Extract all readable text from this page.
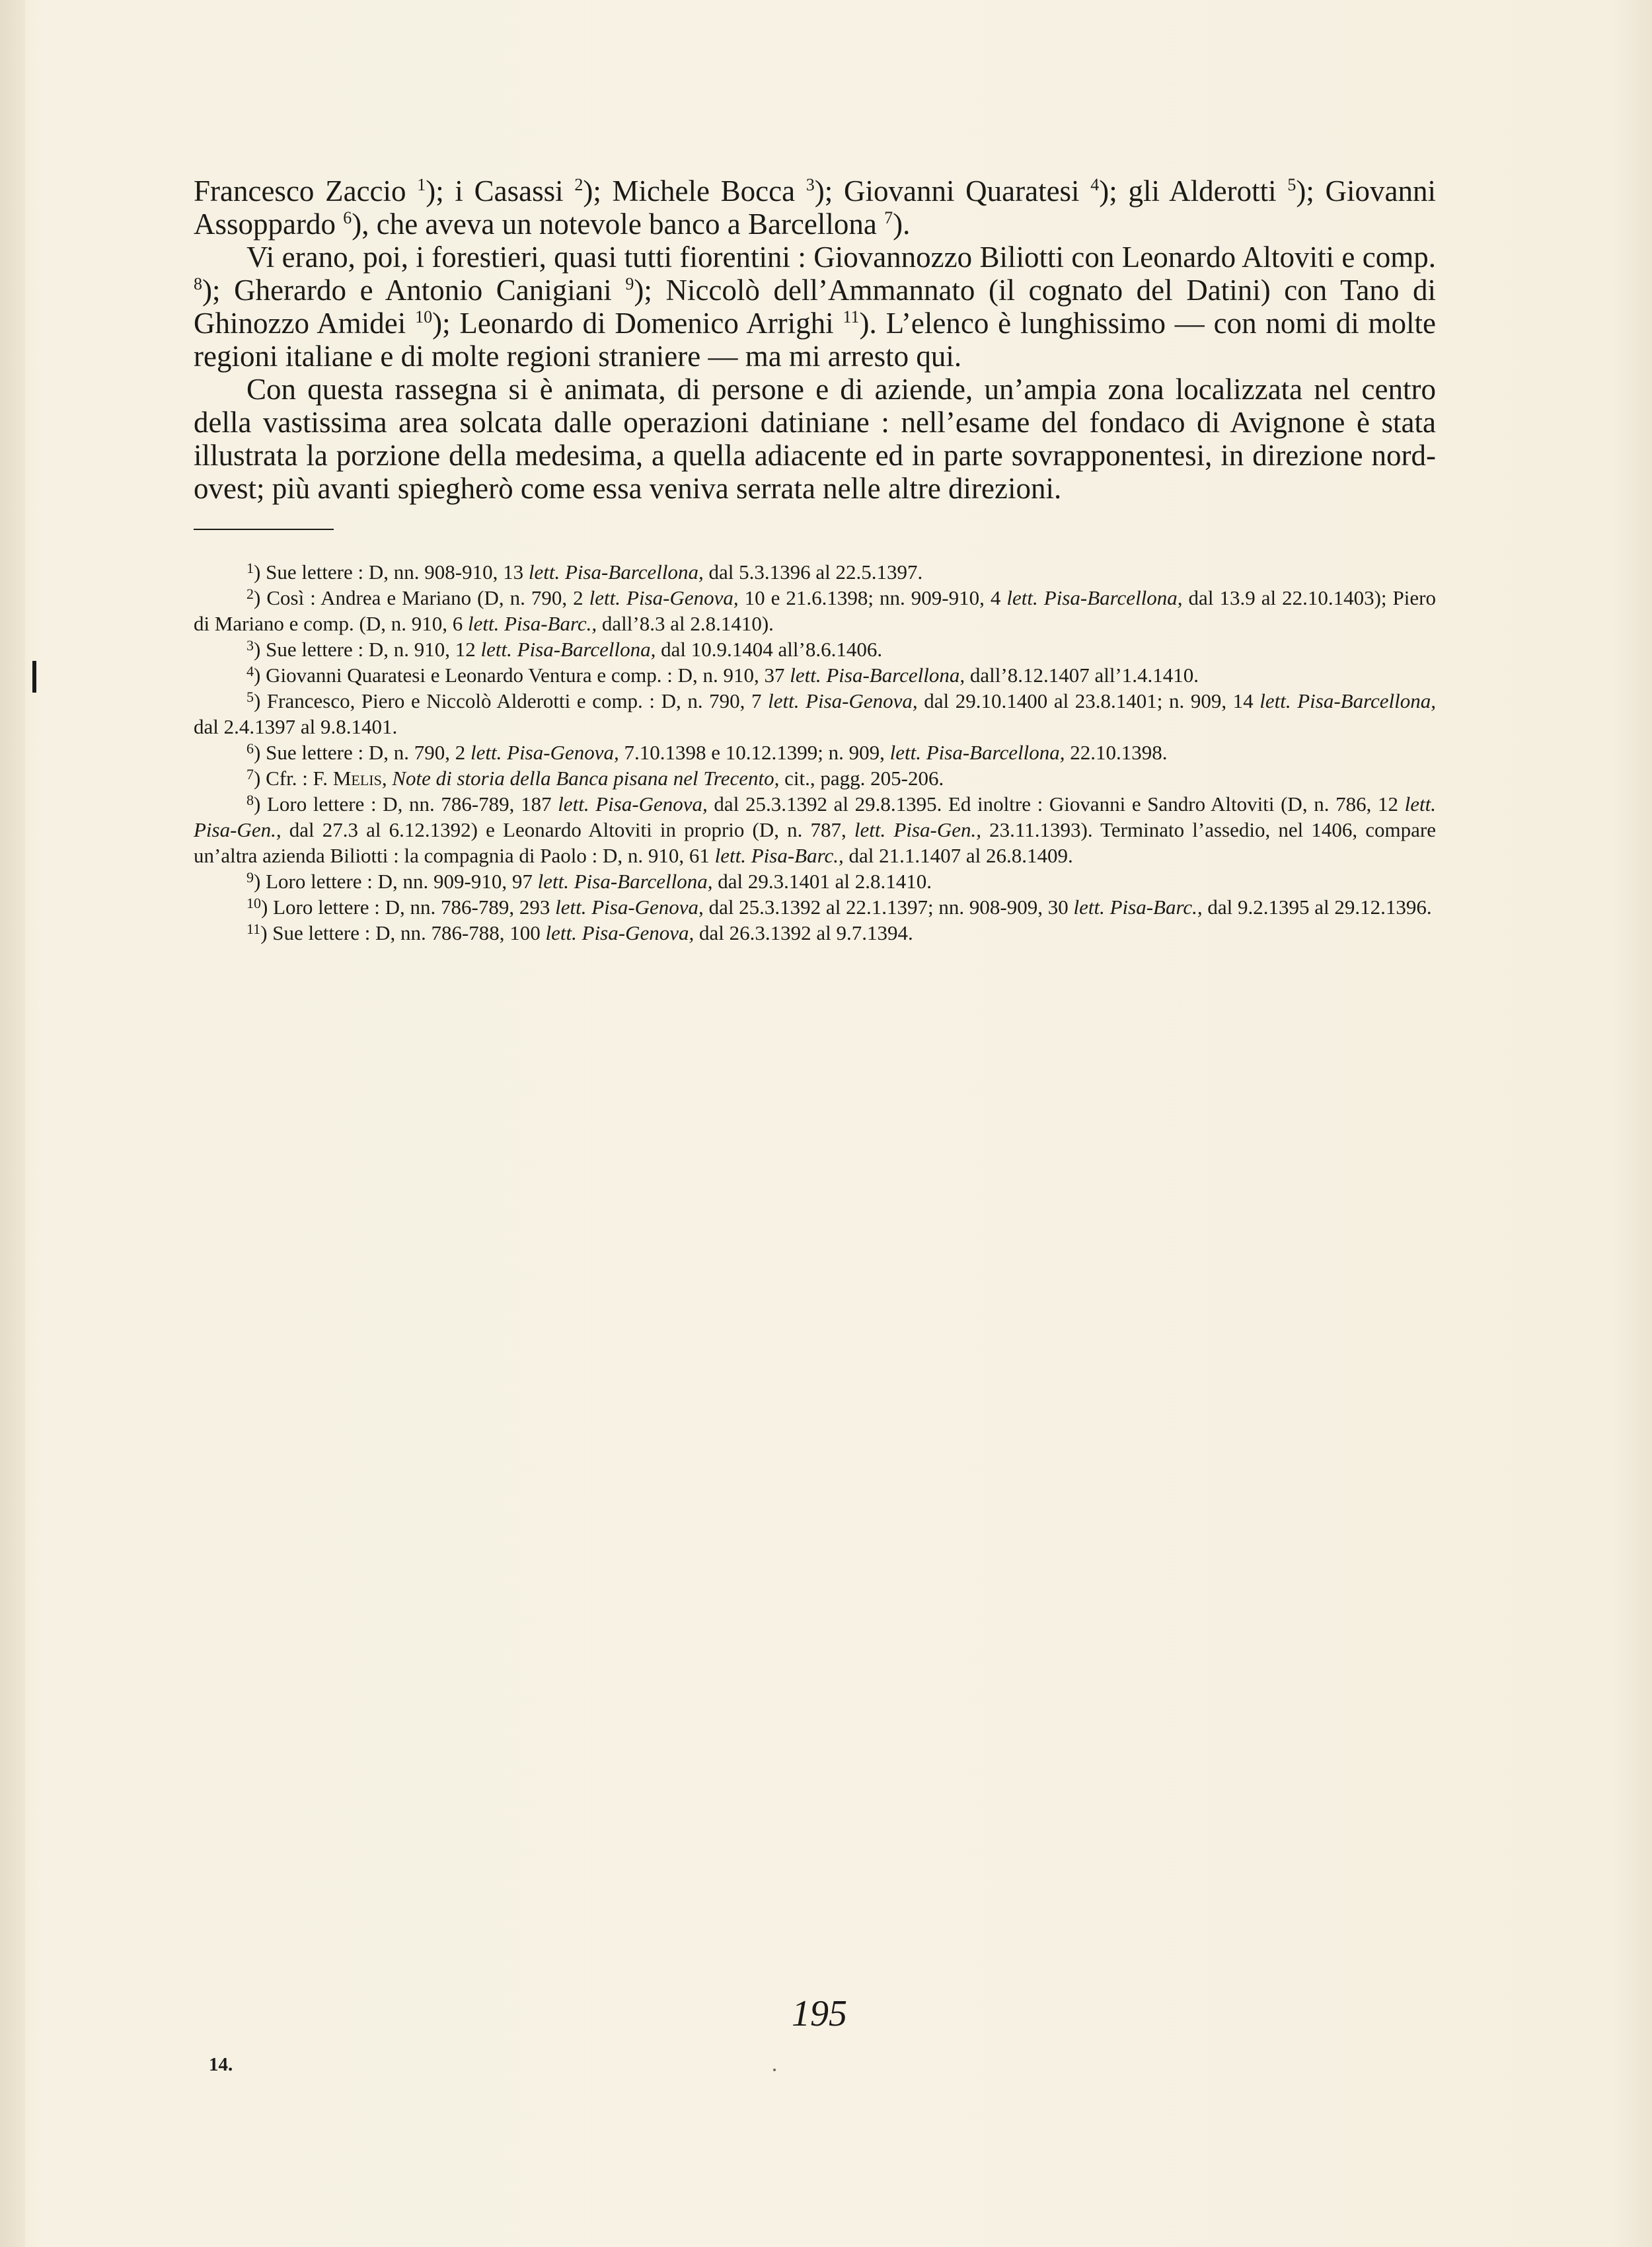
Francesco Zaccio $^1$); i Casassi $^2$); Michele Bocca $^3$); Giovanni Quaratesi $^4$); gli Alderotti $^5$); Giovanni Assoppardo $^6$), che aveva un notevole banco a Barcellona $^7$).

Vi erano, poi, i forestieri, quasi tutti fiorentini : Giovannozzo Biliotti con Leonardo Altoviti e comp. $^8$); Gherardo e Antonio Canigiani $^9$); Niccolò dell’Ammannato (il cognato del Datini) con Tano di Ghinozzo Amidei $^{10}$); Leonardo di Domenico Arrighi $^{11}$). L’elenco è lunghissimo — con nomi di molte regioni italiane e di molte regioni straniere — ma mi arresto qui.

Con questa rassegna si è animata, di persone e di aziende, un’ampia zona localizzata nel centro della vastissima area solcata dalle operazioni datiniane : nell’esame del fondaco di Avignone è stata illustrata la porzione della medesima, a quella adiacente ed in parte sovrapponentesi, in direzione nord-ovest; più avanti spiegherò come essa veniva serrata nelle altre direzioni.

$^1$) Sue lettere : D, nn. 908-910, 13 lett. Pisa-Barcellona, dal 5.3.1396 al 22.5.1397.

$^2$) Così : Andrea e Mariano (D, n. 790, 2 lett. Pisa-Genova, 10 e 21.6.1398; nn. 909-910, 4 lett. Pisa-Barcellona, dal 13.9 al 22.10.1403); Piero di Mariano e comp. (D, n. 910, 6 lett. Pisa-Barc., dall’8.3 al 2.8.1410).

$^3$) Sue lettere : D, n. 910, 12 lett. Pisa-Barcellona, dal 10.9.1404 all’8.6.1406.

$^4$) Giovanni Quaratesi e Leonardo Ventura e comp. : D, n. 910, 37 lett. Pisa-Barcellona, dall’8.12.1407 all’1.4.1410.

$^5$) Francesco, Piero e Niccolò Alderotti e comp. : D, n. 790, 7 lett. Pisa-Genova, dal 29.10.1400 al 23.8.1401; n. 909, 14 lett. Pisa-Barcellona, dal 2.4.1397 al 9.8.1401.

$^6$) Sue lettere : D, n. 790, 2 lett. Pisa-Genova, 7.10.1398 e 10.12.1399; n. 909, lett. Pisa-Barcellona, 22.10.1398.

$^7$) Cfr. : F. Melis, Note di storia della Banca pisana nel Trecento, cit., pagg. 205-206.

$^8$) Loro lettere : D, nn. 786-789, 187 lett. Pisa-Genova, dal 25.3.1392 al 29.8.1395. Ed inoltre : Giovanni e Sandro Altoviti (D, n. 786, 12 lett. Pisa-Gen., dal 27.3 al 6.12.1392) e Leonardo Altoviti in proprio (D, n. 787, lett. Pisa-Gen., 23.11.1393). Terminato l’assedio, nel 1406, compare un’altra azienda Biliotti : la compagnia di Paolo : D, n. 910, 61 lett. Pisa-Barc., dal 21.1.1407 al 26.8.1409.

$^9$) Loro lettere : D, nn. 909-910, 97 lett. Pisa-Barcellona, dal 29.3.1401 al 2.8.1410.

$^{10}$) Loro lettere : D, nn. 786-789, 293 lett. Pisa-Genova, dal 25.3.1392 al 22.1.1397; nn. 908-909, 30 lett. Pisa-Barc., dal 9.2.1395 al 29.12.1396.

$^{11}$) Sue lettere : D, nn. 786-788, 100 lett. Pisa-Genova, dal 26.3.1392 al 9.7.1394.

195
14.
